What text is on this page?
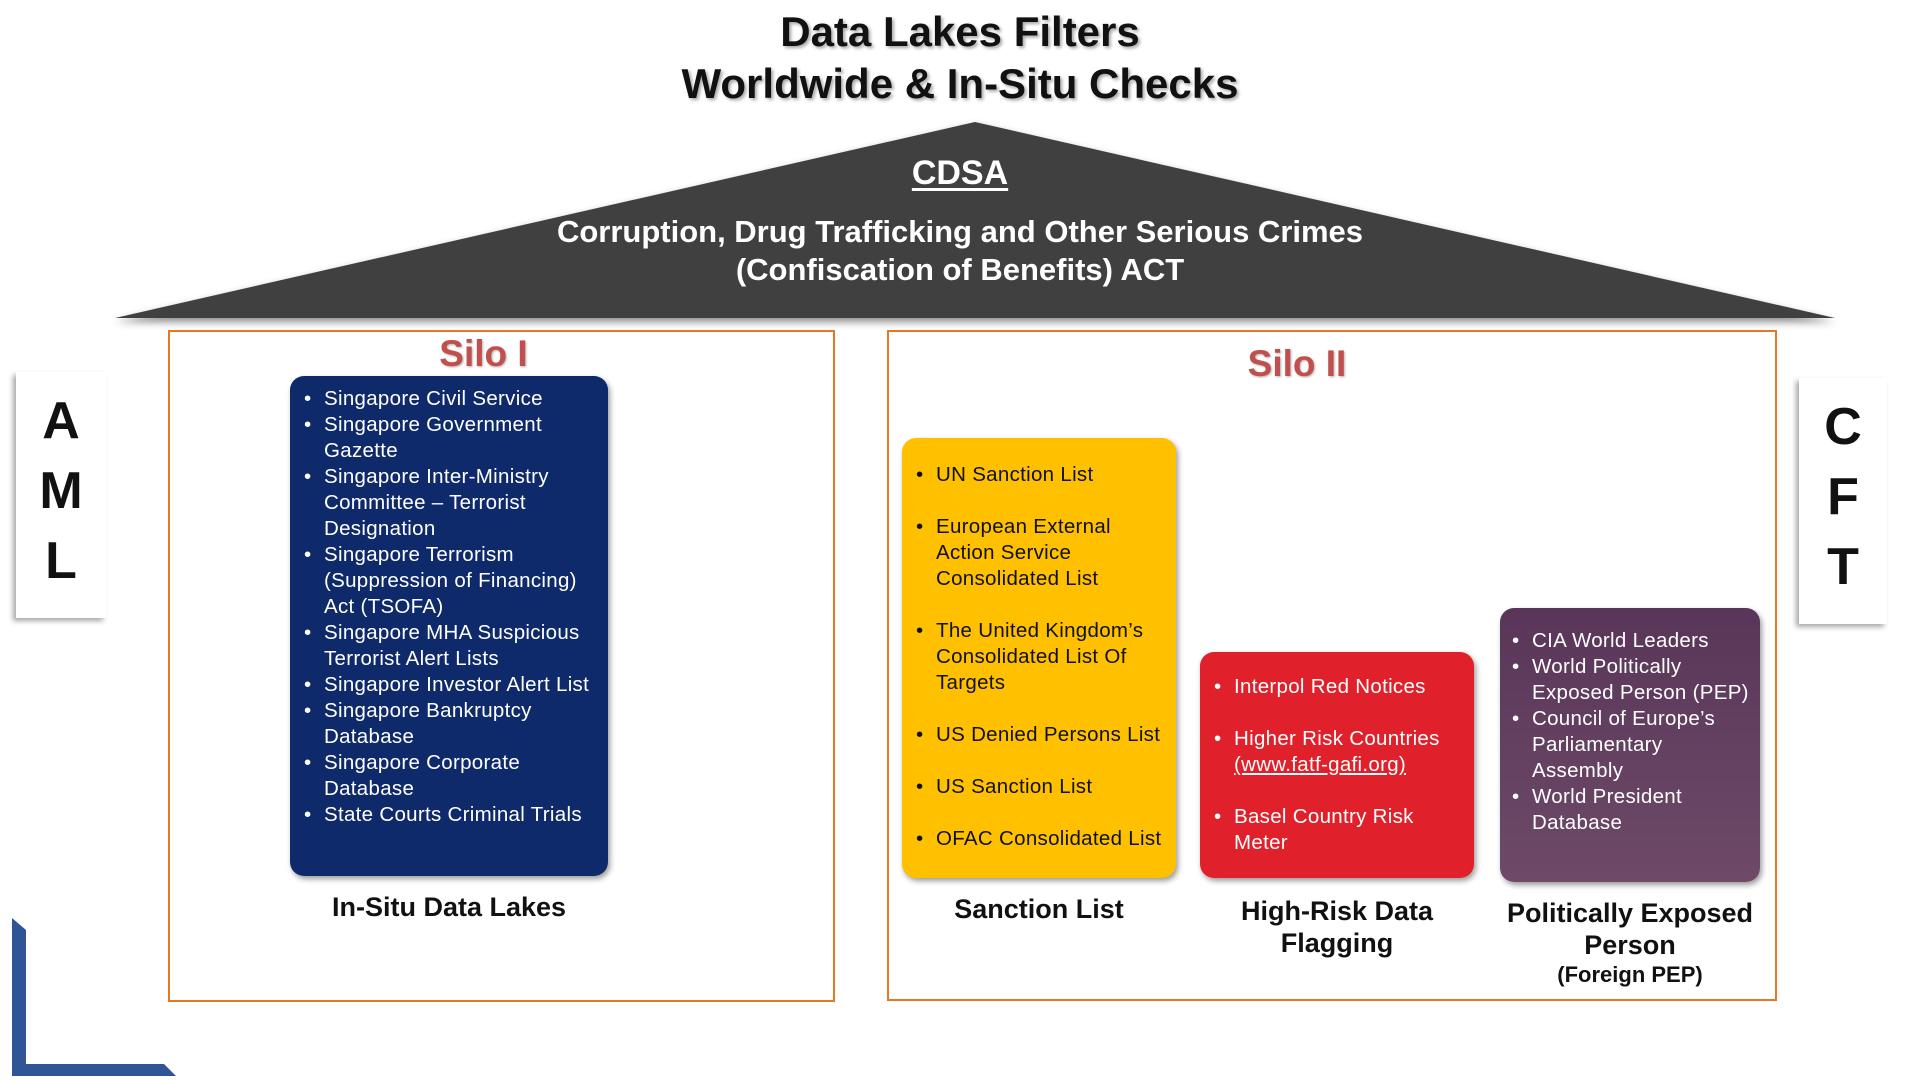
Data Lakes Filters
Worldwide & In-Situ Checks
CDSA
Corruption, Drug Trafficking and Other Serious Crimes
(Confiscation of Benefits) ACT
A
M
L
C
F
T
Silo I
• Singapore Civil Service
• Singapore Government Gazette
• Singapore Inter-Ministry Committee – Terrorist Designation
• Singapore Terrorism (Suppression of Financing) Act (TSOFA)
• Singapore MHA Suspicious Terrorist Alert Lists
• Singapore Investor Alert List
• Singapore Bankruptcy Database
• Singapore Corporate Database
• State Courts Criminal Trials
In-Situ Data Lakes
Silo II
• UN Sanction List
• European External Action Service Consolidated List
• The United Kingdom’s Consolidated List Of Targets
• US Denied Persons List
• US Sanction List
• OFAC Consolidated List
Sanction List
• Interpol Red Notices
• Higher Risk Countries (www.fatf-gafi.org)
• Basel Country Risk Meter
High-Risk Data
Flagging
• CIA World Leaders
• World Politically Exposed Person (PEP)
• Council of Europe’s Parliamentary Assembly
• World President Database
Politically Exposed
Person
(Foreign PEP)
